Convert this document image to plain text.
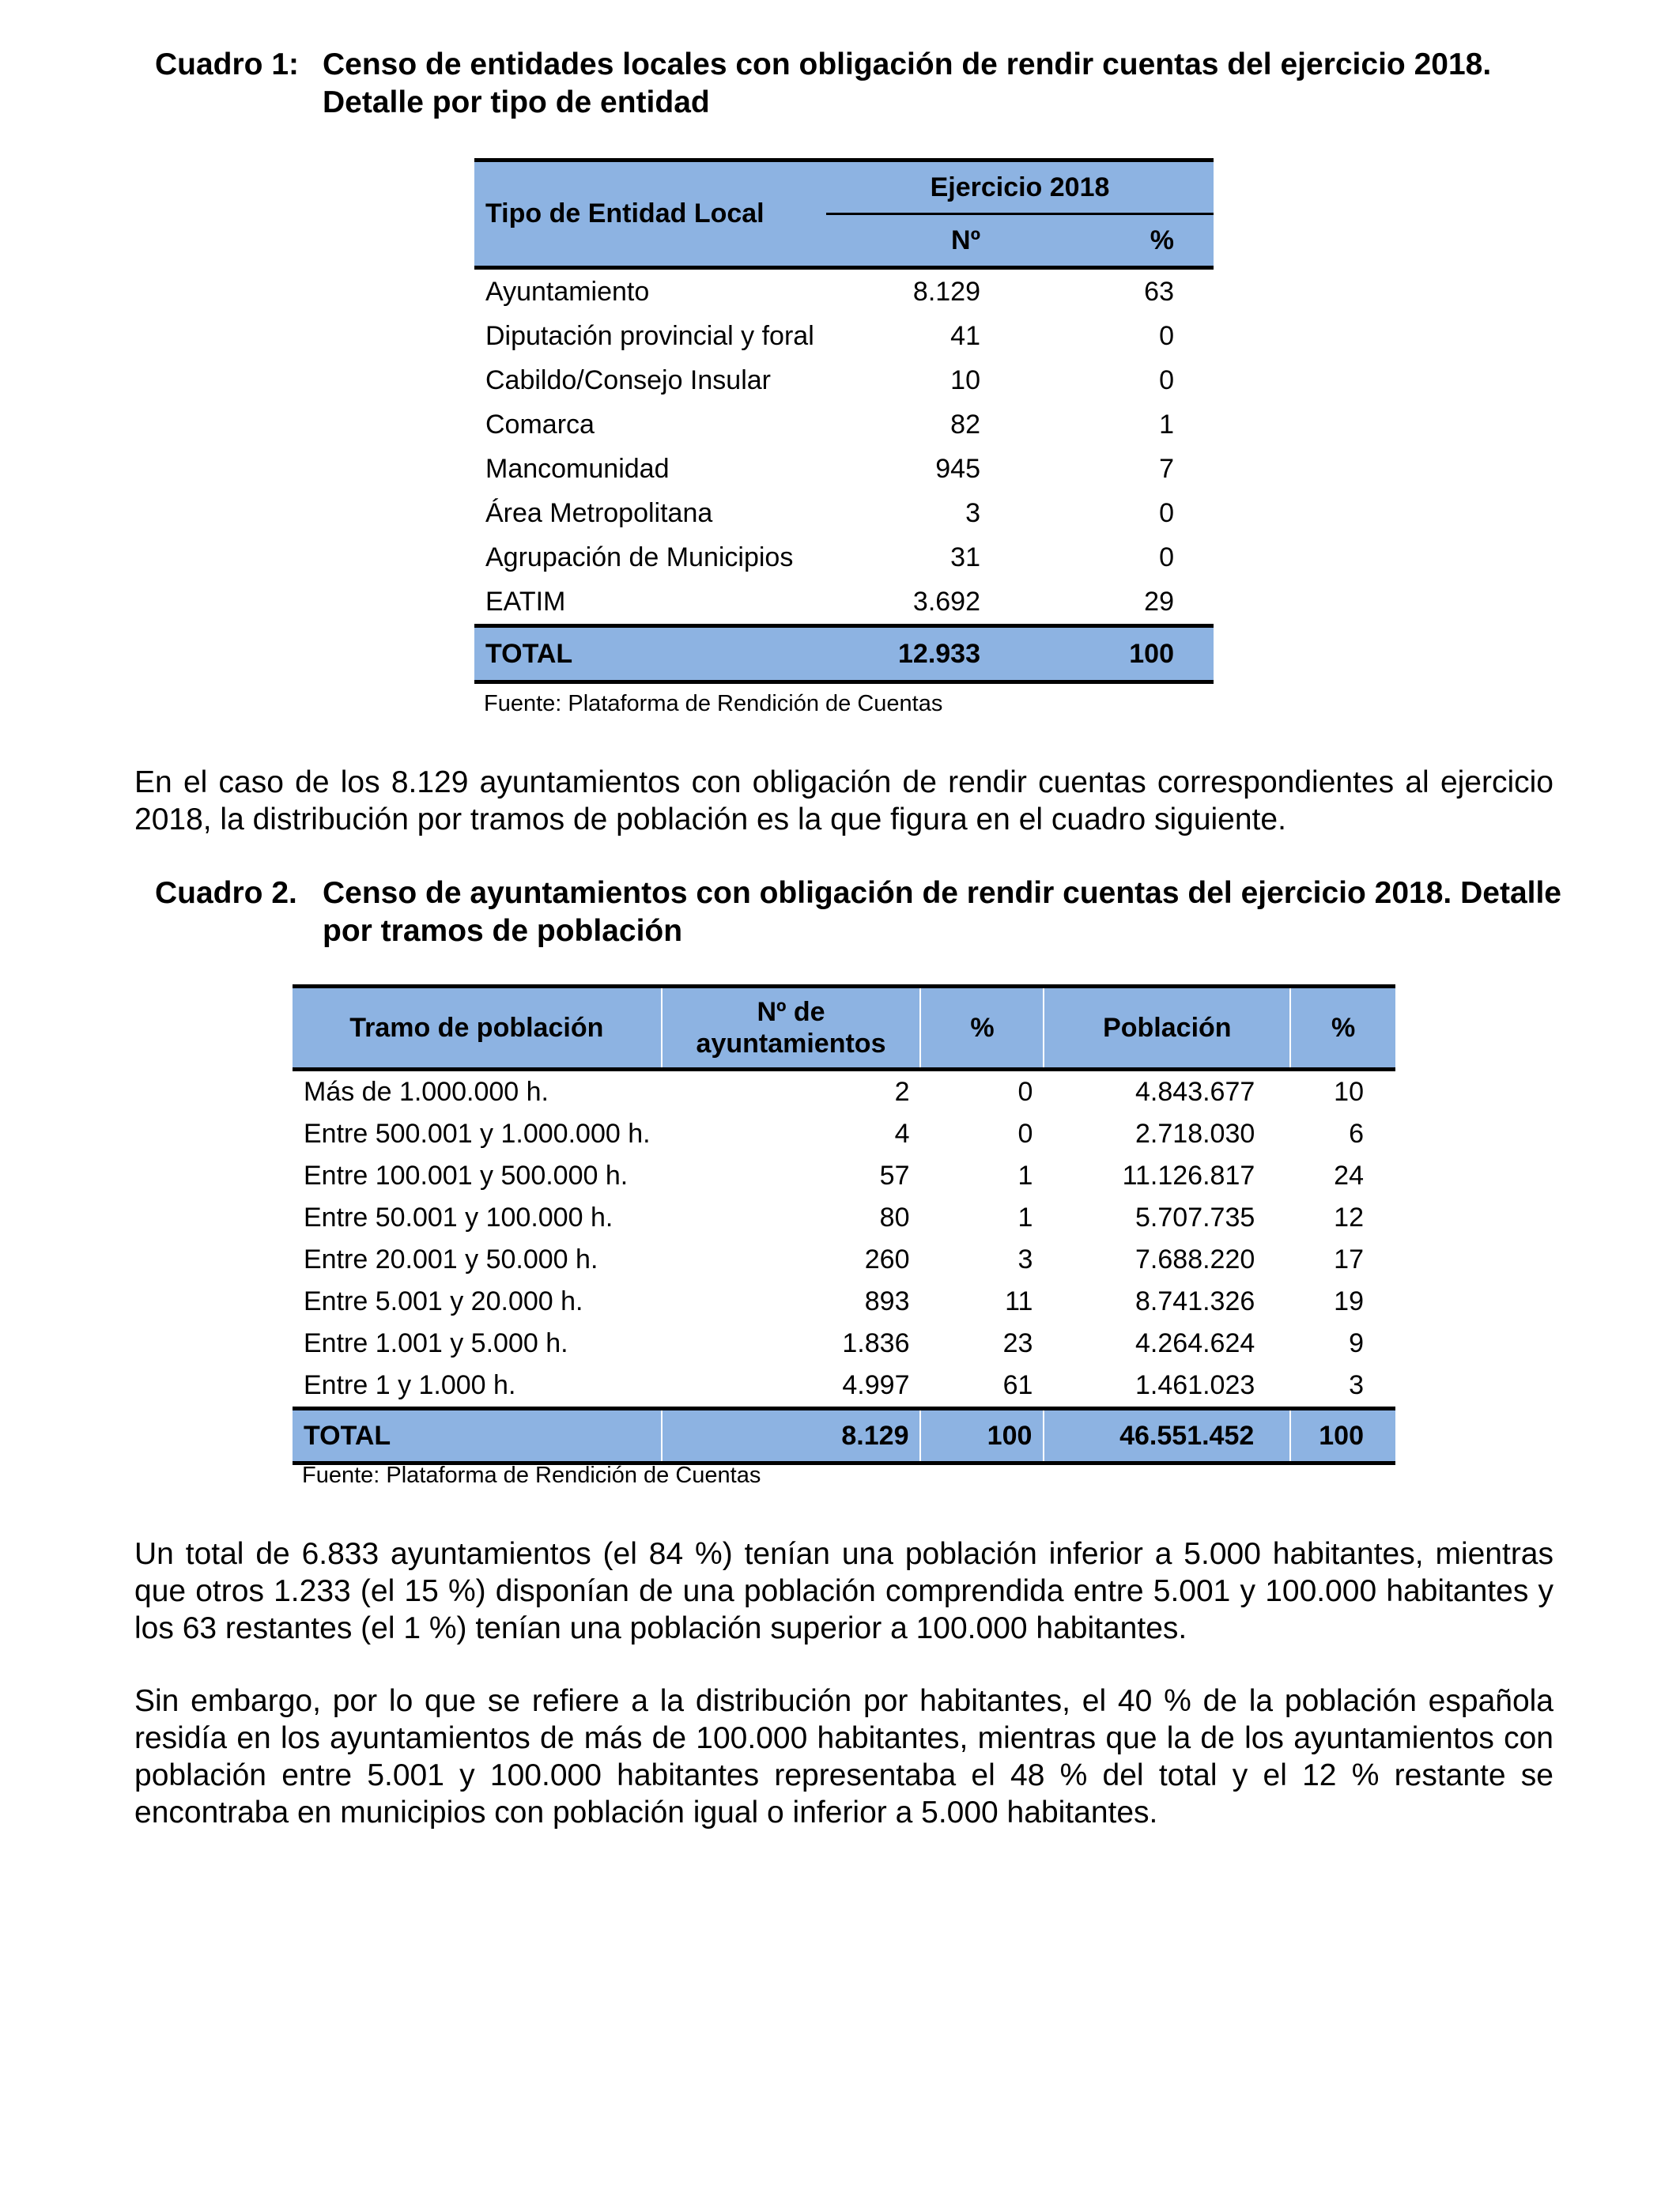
Cuadro 1: Censo de entidades locales con obligación de rendir cuentas del ejercicio 2018. Detalle por tipo de entidad
Tipo de Entidad Local	Ejercicio 2018	
	Nº	%
Ayuntamiento	8.129	63
Diputación provincial y foral	41	0
Cabildo/Consejo Insular	10	0
Comarca	82	1
Mancomunidad	945	7
Área Metropolitana	3	0
Agrupación de Municipios	31	0
EATIM	3.692	29
TOTAL	12.933	100
Fuente: Plataforma de Rendición de Cuentas

En el caso de los 8.129 ayuntamientos con obligación de rendir cuentas correspondientes al ejercicio 2018, la distribución por tramos de población es la que figura en el cuadro siguiente.

Cuadro 2. Censo de ayuntamientos con obligación de rendir cuentas del ejercicio 2018. Detalle por tramos de población
Tramo de población	Nº de ayuntamientos	%	Población	%
Más de 1.000.000 h.	2	0	4.843.677	10
Entre 500.001 y 1.000.000 h.	4	0	2.718.030	6
Entre 100.001 y 500.000 h.	57	1	11.126.817	24
Entre 50.001 y 100.000 h.	80	1	5.707.735	12
Entre 20.001 y 50.000 h.	260	3	7.688.220	17
Entre 5.001 y 20.000 h.	893	11	8.741.326	19
Entre 1.001 y 5.000 h.	1.836	23	4.264.624	9
Entre 1 y 1.000 h.	4.997	61	1.461.023	3
TOTAL	8.129	100	46.551.452	100
Fuente: Plataforma de Rendición de Cuentas

Un total de 6.833 ayuntamientos (el 84 %) tenían una población inferior a 5.000 habitantes, mientras que otros 1.233 (el 15 %) disponían de una población comprendida entre 5.001 y 100.000 habitantes y los 63 restantes (el 1 %) tenían una población superior a 100.000 habitantes.

Sin embargo, por lo que se refiere a la distribución por habitantes, el 40 % de la población española residía en los ayuntamientos de más de 100.000 habitantes, mientras que la de los ayuntamientos con población entre 5.001 y 100.000 habitantes representaba el 48 % del total y el 12 % restante se encontraba en municipios con población igual o inferior a 5.000 habitantes.
